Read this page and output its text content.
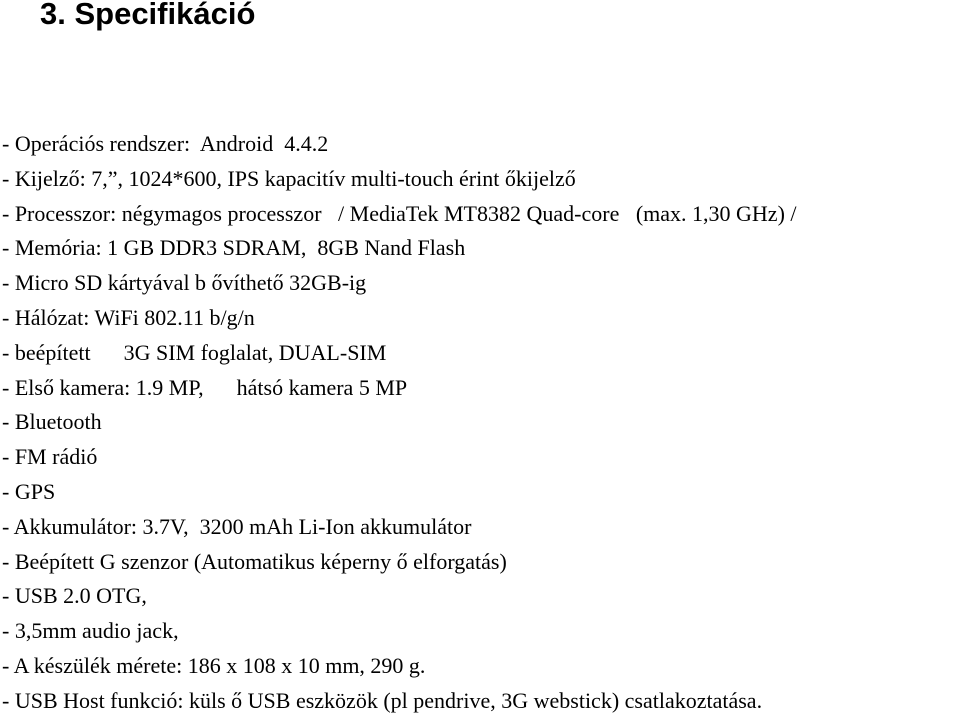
3. Specifikáció
- Operációs rendszer:  Android  4.4.2
- Kijelző: 7,”, 1024*600, IPS kapacitív multi-touch érint őkijelző
- Processzor: négymagos processzor   / MediaTek MT8382 Quad-core   (max. 1,30 GHz) /
- Memória: 1 GB DDR3 SDRAM,  8GB Nand Flash
- Micro SD kártyával b ővíthető 32GB-ig
- Hálózat: WiFi 802.11 b/g/n
- beépített      3G SIM foglalat, DUAL-SIM
- Első kamera: 1.9 MP,      hátsó kamera 5 MP
- Bluetooth
- FM rádió
- GPS
- Akkumulátor: 3.7V,  3200 mAh Li-Ion akkumulátor
- Beépített G szenzor (Automatikus képerny ő elforgatás)
- USB 2.0 OTG,
- 3,5mm audio jack,
- A készülék mérete: 186 x 108 x 10 mm, 290 g.
- USB Host funkció: küls ő USB eszközök (pl pendrive, 3G webstick) csatlakoztatása.
